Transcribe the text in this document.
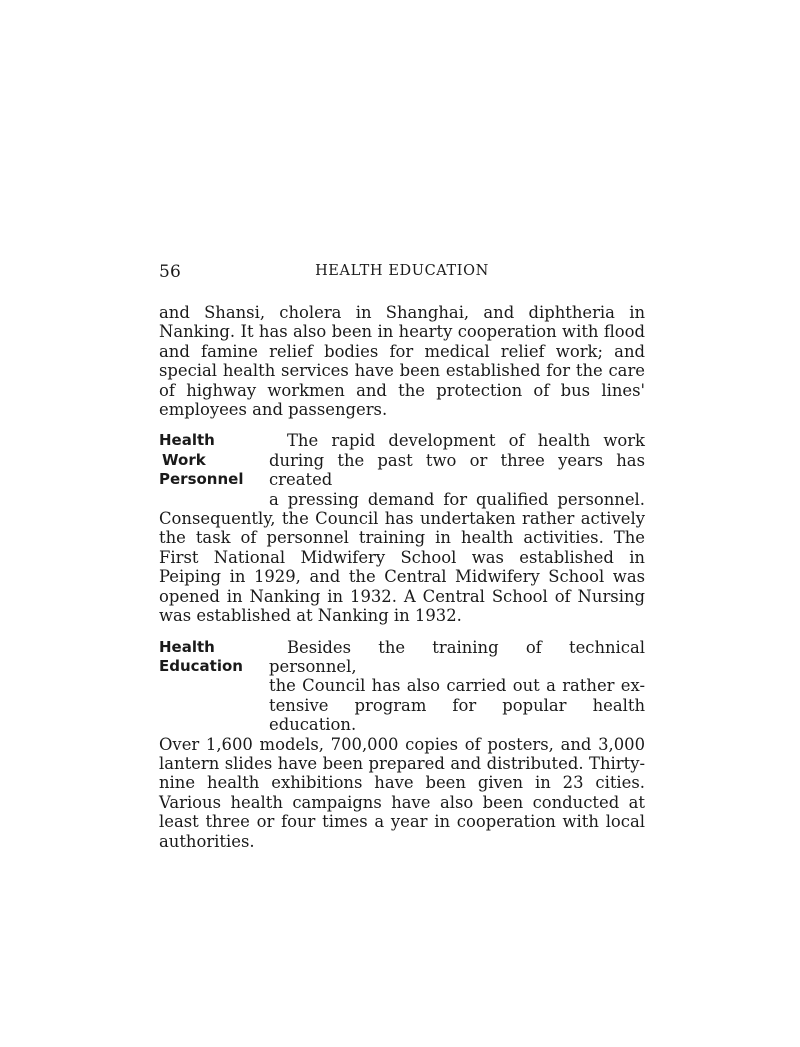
56	HEALTH EDUCATION

and Shansi, cholera in Shanghai, and diphtheria in Nanking. It has also been in hearty cooperation with flood and famine relief bodies for medical relief work; and special health services have been established for the care of highway workmen and the protection of bus lines' employees and passengers.

Health
Work
Personnel
The rapid development of health work
during the past two or three years has created
a pressing demand for qualified personnel.
Consequently, the Council has undertaken rather actively the task of personnel training in health activities. The First National Midwifery School was established in Peiping in 1929, and the Central Midwifery School was opened in Nanking in 1932. A Central School of Nursing was established at Nanking in 1932.
Health
Education
Besides the training of technical personnel,
the Council has also carried out a rather ex-
tensive program for popular health education.
Over 1,600 models, 700,000 copies of posters, and 3,000 lantern slides have been prepared and distributed. Thirty-nine health exhibitions have been given in 23 cities. Various health campaigns have also been conducted at least three or four times a year in cooperation with local authorities.
